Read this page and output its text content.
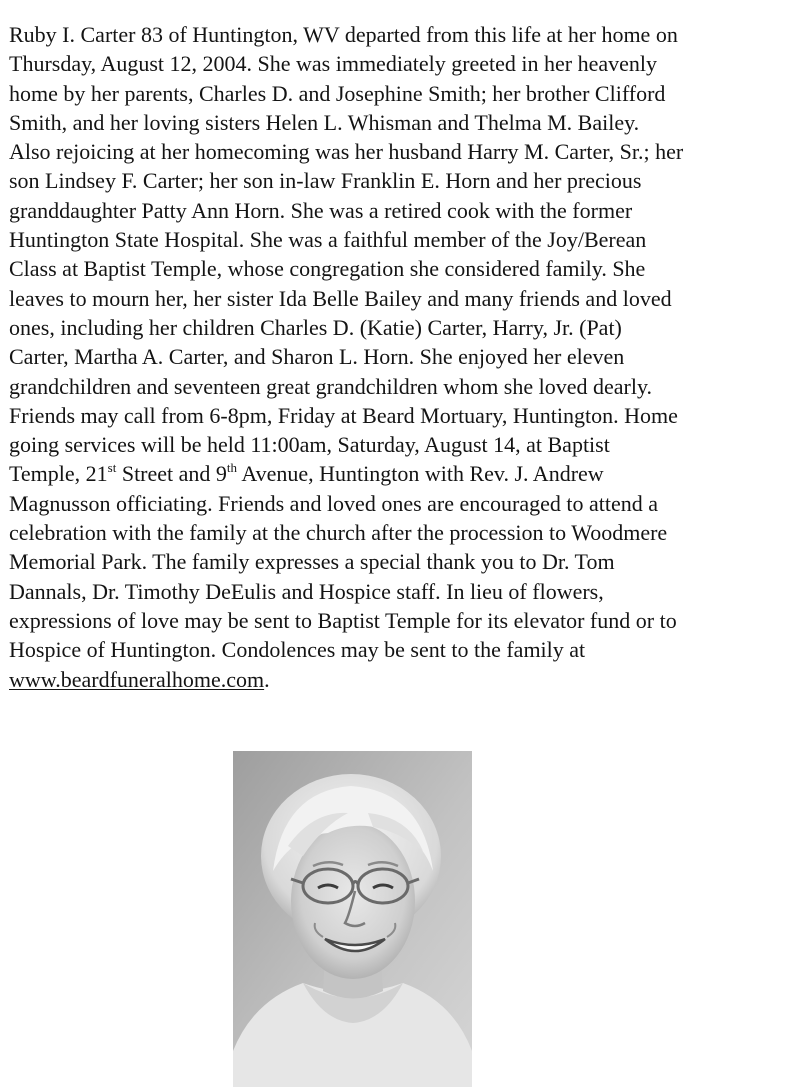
Ruby I. Carter 83 of Huntington, WV departed from this life at her home on
Thursday, August 12, 2004. She was immediately greeted in her heavenly
home by her parents, Charles D. and Josephine Smith; her brother Clifford
Smith, and her loving sisters Helen L. Whisman and Thelma M. Bailey.
Also rejoicing at her homecoming was her husband Harry M. Carter, Sr.; her
son Lindsey F. Carter; her son in-law Franklin E. Horn and her precious
granddaughter Patty Ann Horn. She was a retired cook with the former
Huntington State Hospital. She was a faithful member of the Joy/Berean
Class at Baptist Temple, whose congregation she considered family. She
leaves to mourn her, her sister Ida Belle Bailey and many friends and loved
ones, including her children Charles D. (Katie) Carter, Harry, Jr. (Pat)
Carter, Martha A. Carter, and Sharon L. Horn. She enjoyed her eleven
grandchildren and seventeen great grandchildren whom she loved dearly.
Friends may call from 6-8pm, Friday at Beard Mortuary, Huntington. Home
going services will be held 11:00am, Saturday, August 14, at Baptist
Temple, 21st Street and 9th Avenue, Huntington with Rev. J. Andrew
Magnusson officiating. Friends and loved ones are encouraged to attend a
celebration with the family at the church after the procession to Woodmere
Memorial Park. The family expresses a special thank you to Dr. Tom
Dannals, Dr. Timothy DeEulis and Hospice staff. In lieu of flowers,
expressions of love may be sent to Baptist Temple for its elevator fund or to
Hospice of Huntington. Condolences may be sent to the family at
www.beardfuneralhome.com.
